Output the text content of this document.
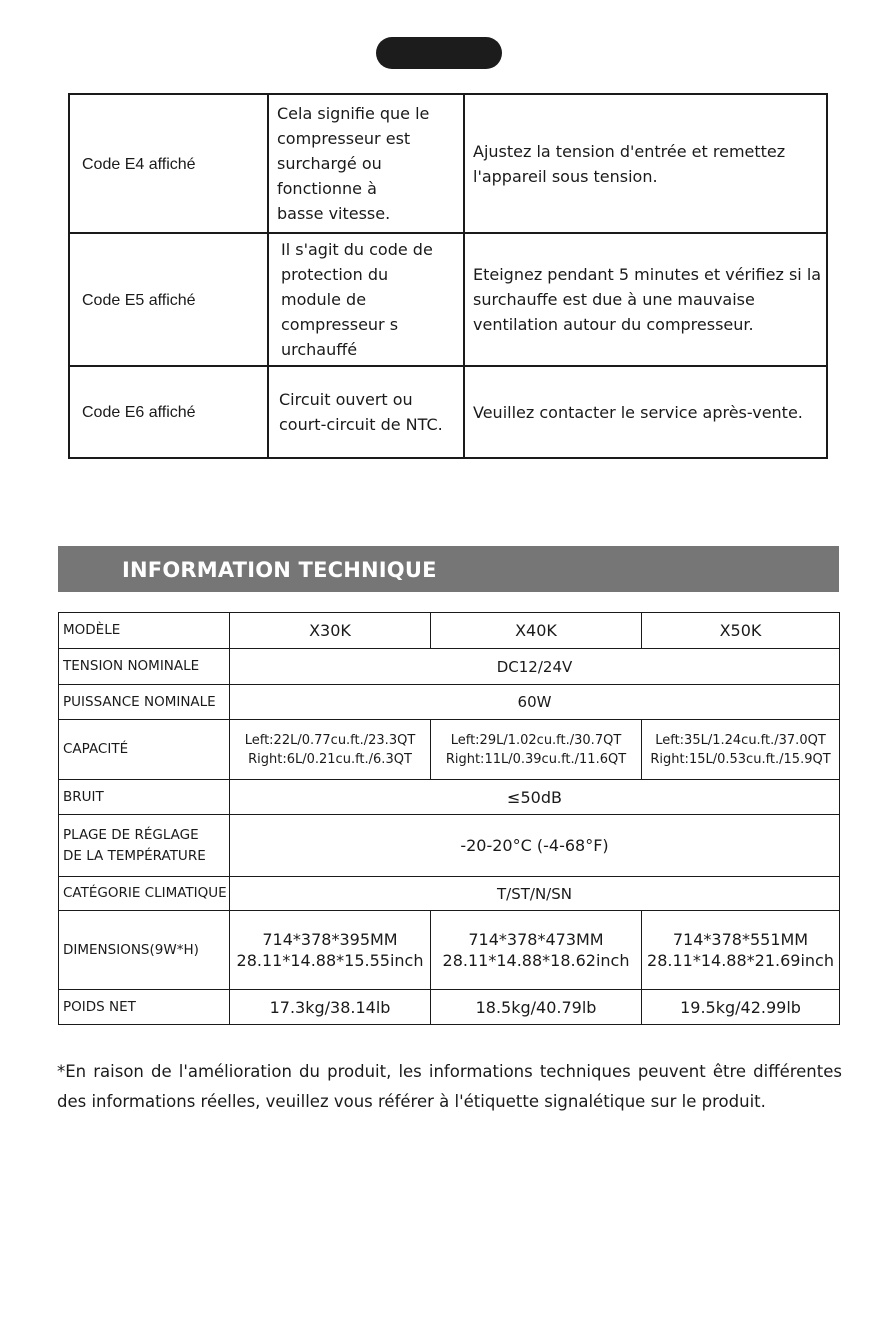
Code E4 affiché	Cela signifie que le
compresseur est
surchargé ou
fonctionne à
basse vitesse.	Ajustez la tension d'entrée et remettez
l'appareil sous tension.

Code E5 affiché	Il s'agit du code de
protection du
module de
compresseur s
urchauffé	Eteignez pendant 5 minutes et vérifiez si la
surchauffe est due à une mauvaise
ventilation autour du compresseur.

Code E6 affiché	Circuit ouvert ou
court-circuit de NTC.	Veuillez contacter le service après-vente.
INFORMATION TECHNIQUE
MODÈLE	X30K	X40K	X50K
TENSION NOMINALE	DC12/24V		
PUISSANCE NOMINALE	60W		
CAPACITÉ	Left:22L/0.77cu.ft./23.3QT
Right:6L/0.21cu.ft./6.3QT	Left:29L/1.02cu.ft./30.7QT
Right:11L/0.39cu.ft./11.6QT	Left:35L/1.24cu.ft./37.0QT
Right:15L/0.53cu.ft./15.9QT

BRUIT	≤50dB		

PLAGE DE RÉGLAGE
DE LA TEMPÉRATURE	-20-20°C (-4-68°F)		
CATÉGORIE CLIMATIQUE	T/ST/N/SN		
DIMENSIONS(9W*H)	714*378*395MM
28.11*14.88*15.55inch	714*378*473MM
28.11*14.88*18.62inch	714*378*551MM
28.11*14.88*21.69inch

POIDS NET	17.3kg/38.14lb	18.5kg/40.79lb	19.5kg/42.99lb
*En raison de l'amélioration du produit, les informations techniques peuvent être différentes des informations réelles, veuillez vous référer à l'étiquette signalétique sur le produit.
